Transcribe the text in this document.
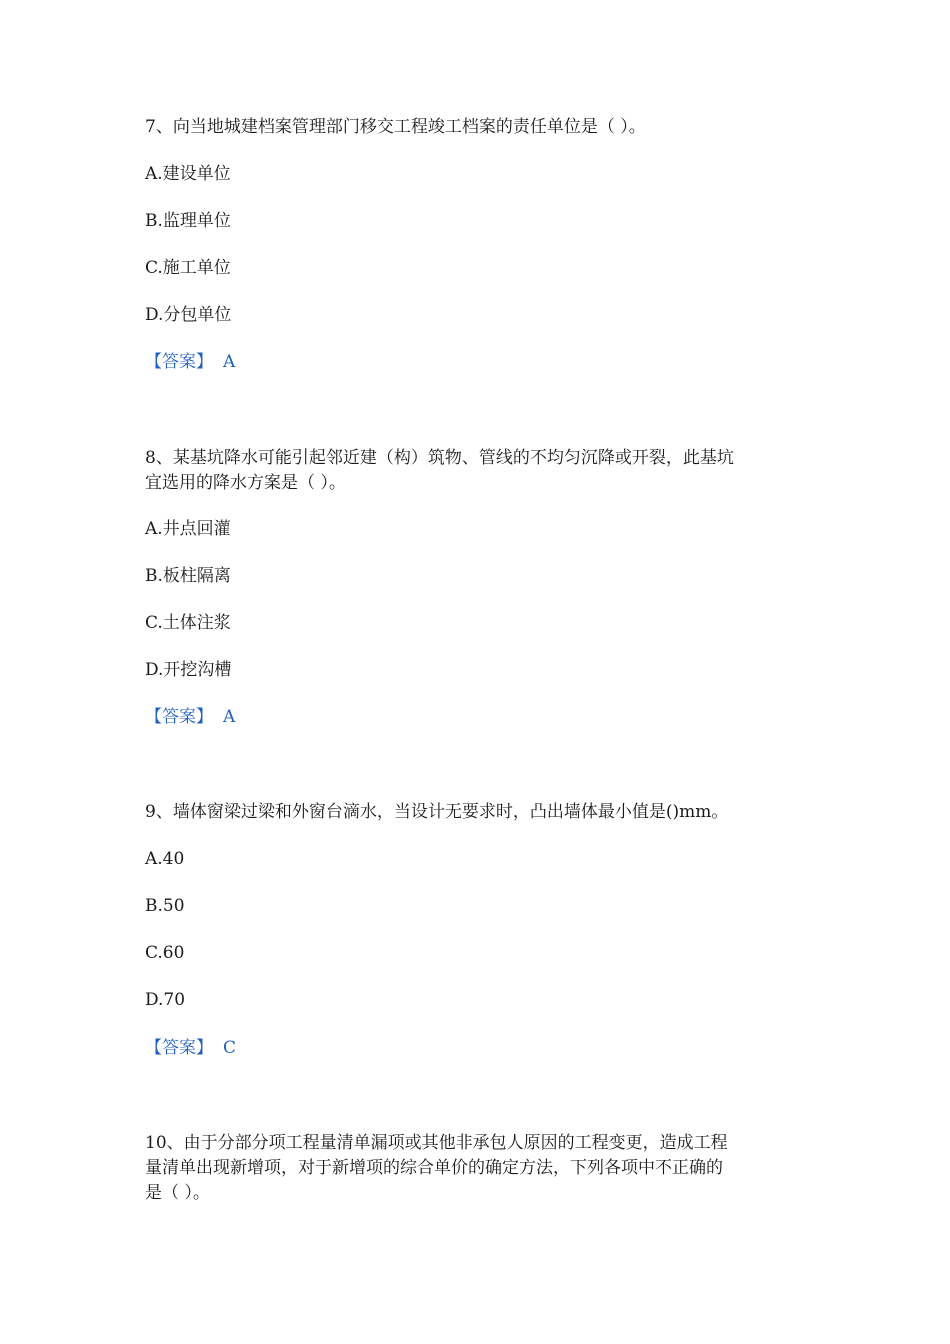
7、向当地城建档案管理部门移交工程竣工档案的责任单位是（ ）。
A.建设单位
B.监理单位
C.施工单位
D.分包单位
【答案】 A
8、某基坑降水可能引起邻近建（构）筑物、管线的不均匀沉降或开裂，此基坑
宜选用的降水方案是（ ）。
A.井点回灌
B.板柱隔离
C.土体注浆
D.开挖沟槽
【答案】 A
9、墙体窗梁过梁和外窗台滴水，当设计无要求时，凸出墙体最小值是()mm。
A.40
B.50
C.60
D.70
【答案】 C
10、由于分部分项工程量清单漏项或其他非承包人原因的工程变更，造成工程
量清单出现新增项，对于新增项的综合单价的确定方法，下列各项中不正确的
是（ ）。
